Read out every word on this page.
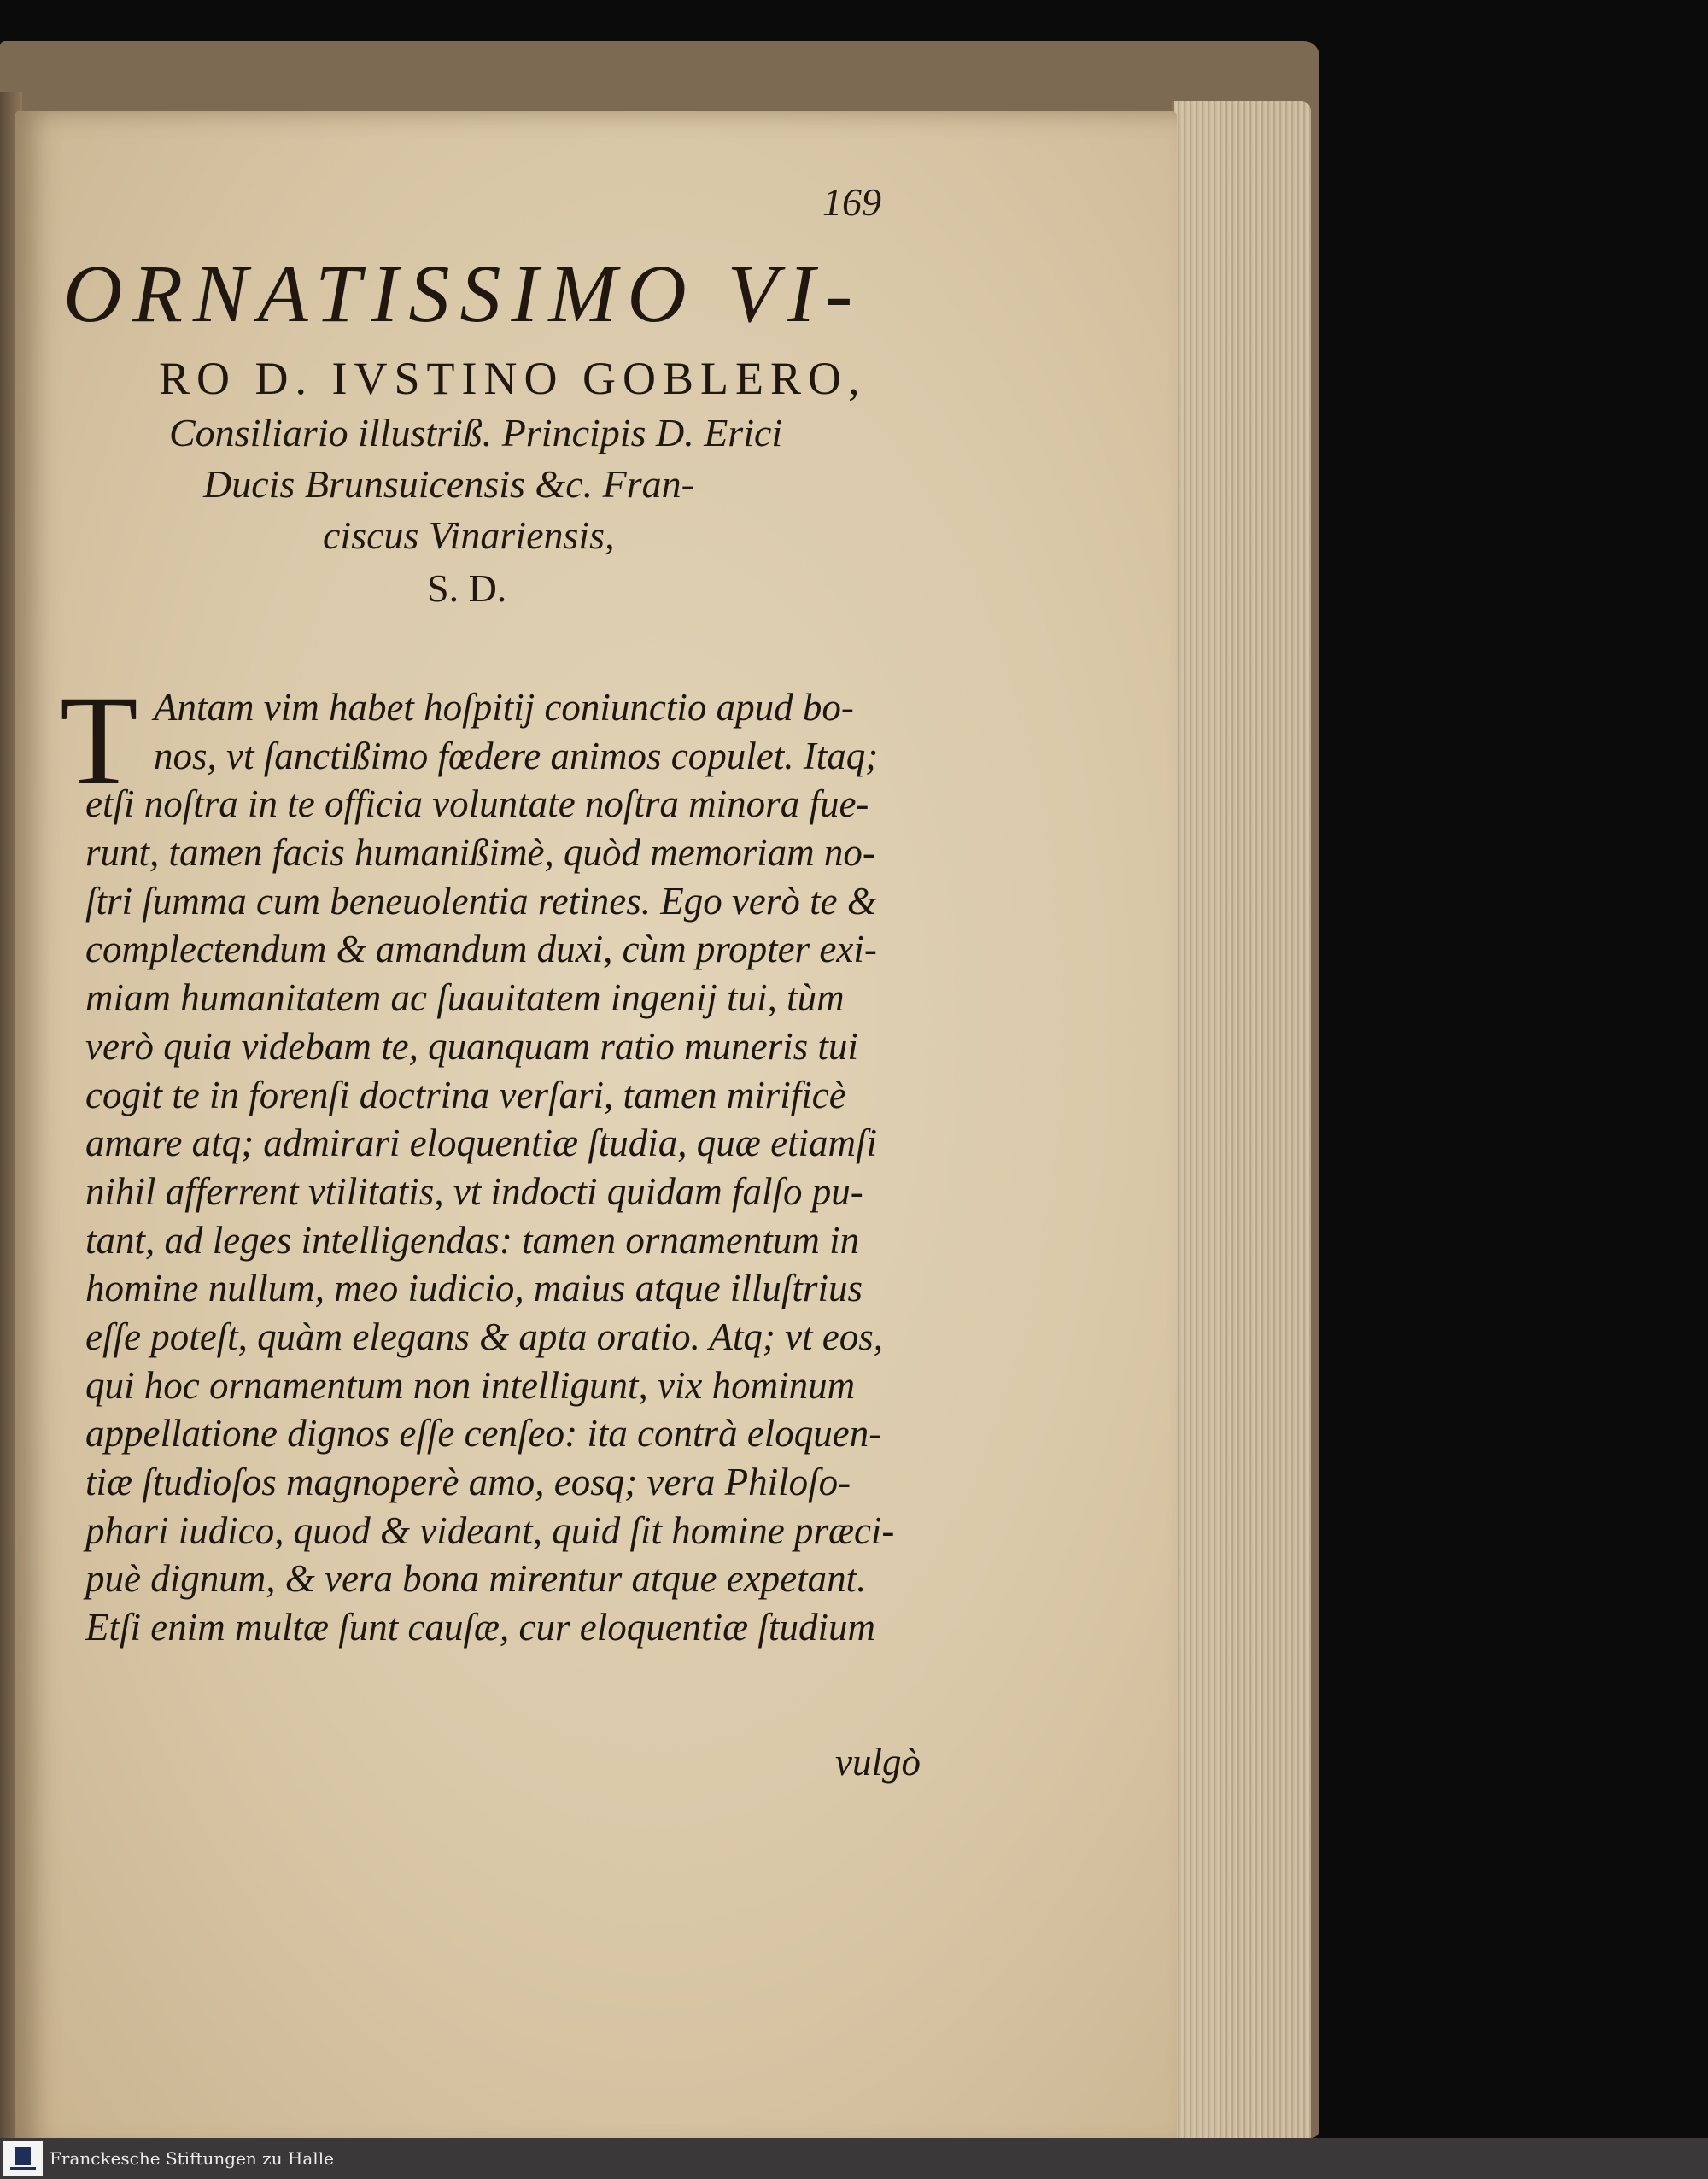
169
ORNATISSIMO VI-
RO D. IVSTINO GOBLERO,
Consiliario illustriß. Principis D. Erici
Ducis Brunsuicensis &c. Fran-
ciscus Vinariensis,
S. D.
T Antam vim habet hoſpitij coniunctio apud bo-
nos, vt ſanctißimo fœdere animos copulet. Itaq;
etſi noſtra in te officia voluntate noſtra minora fue-
runt, tamen facis humanißimè, quòd memoriam no-
ſtri ſumma cum beneuolentia retines. Ego verò te &
complectendum & amandum duxi, cùm propter exi-
miam humanitatem ac ſuauitatem ingenij tui, tùm
verò quia videbam te, quanquam ratio muneris tui
cogit te in forenſi doctrina verſari, tamen mirificè
amare atq; admirari eloquentiæ ſtudia, quæ etiamſi
nihil afferrent vtilitatis, vt indocti quidam falſo pu-
tant, ad leges intelligendas: tamen ornamentum in
homine nullum, meo iudicio, maius atque illuſtrius
eſſe poteſt, quàm elegans & apta oratio. Atq; vt eos,
qui hoc ornamentum non intelligunt, vix hominum
appellatione dignos eſſe cenſeo: ita contrà eloquen-
tiæ ſtudioſos magnoperè amo, eosq; vera Philoſo-
phari iudico, quod & videant, quid ſit homine præci-
puè dignum, & vera bona mirentur atque expetant.
Etſi enim multæ ſunt cauſæ, cur eloquentiæ ſtudium
vulgò
Franckesche Stiftungen zu Halle
